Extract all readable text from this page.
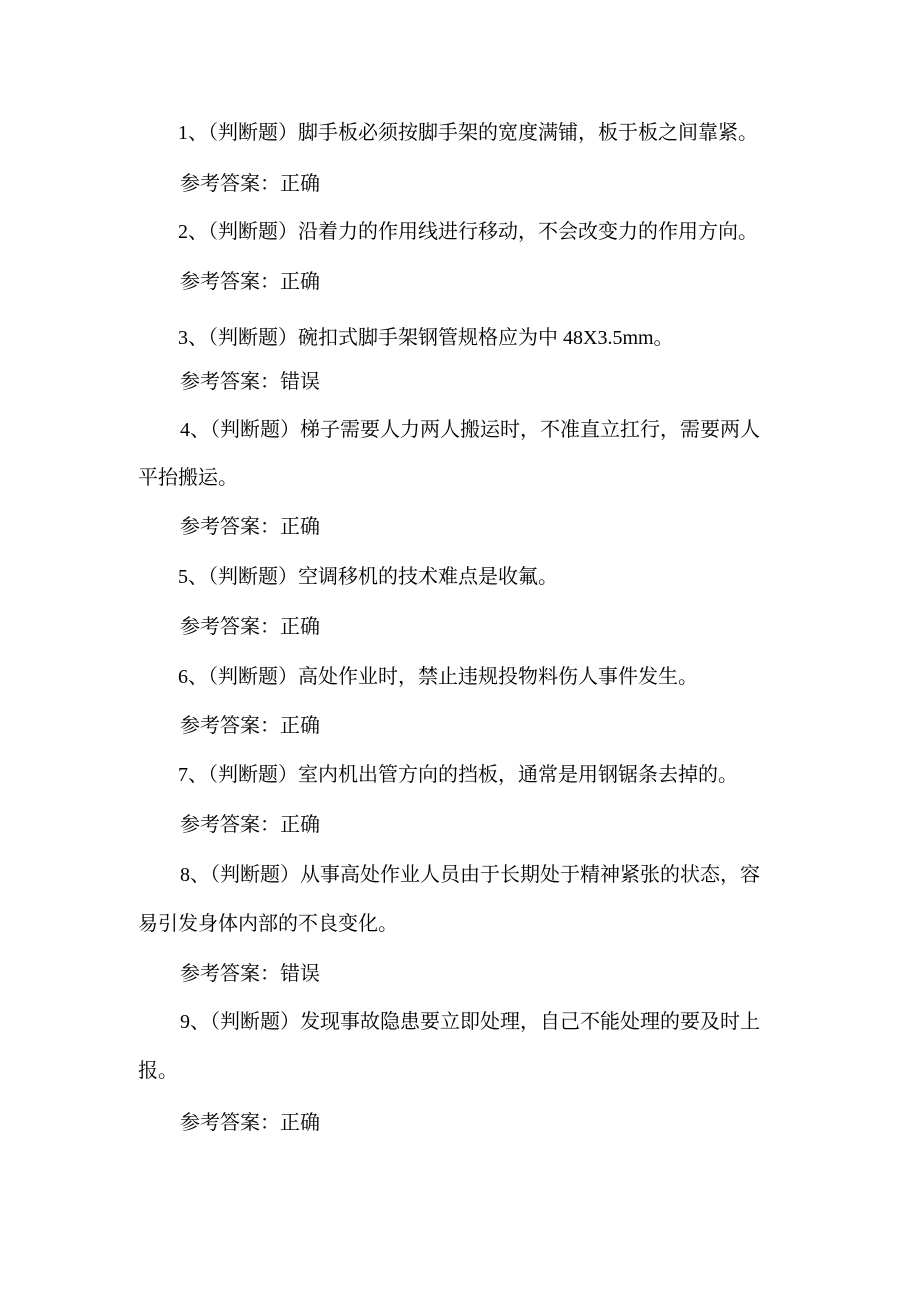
1、（判断题）脚手板必须按脚手架的宽度满铺，板于板之间靠紧。
参考答案：正确
2、（判断题）沿着力的作用线进行移动，不会改变力的作用方向。
参考答案：正确
3、（判断题）碗扣式脚手架钢管规格应为中 48X3.5mm。
参考答案：错误
4、（判断题）梯子需要人力两人搬运时，不准直立扛行，需要两人
平抬搬运。
参考答案：正确
5、（判断题）空调移机的技术难点是收氟。
参考答案：正确
6、（判断题）高处作业时，禁止违规投物料伤人事件发生。
参考答案：正确
7、（判断题）室内机出管方向的挡板，通常是用钢锯条去掉的。
参考答案：正确
8、（判断题）从事高处作业人员由于长期处于精神紧张的状态，容
易引发身体内部的不良变化。
参考答案：错误
9、（判断题）发现事故隐患要立即处理，自己不能处理的要及时上
报。
参考答案：正确
